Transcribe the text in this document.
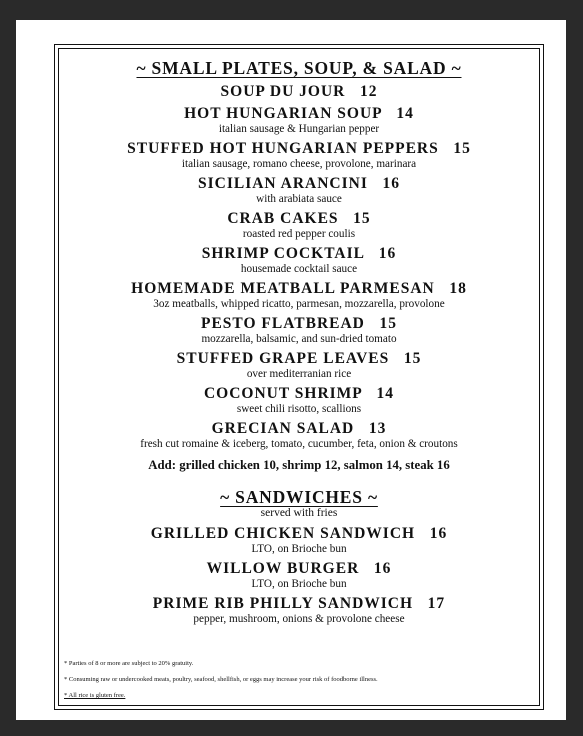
~ SMALL PLATES, SOUP, & SALAD ~
SOUP DU JOUR   12
HOT HUNGARIAN SOUP   14
italian sausage & Hungarian pepper
STUFFED HOT HUNGARIAN PEPPERS   15
italian sausage, romano cheese, provolone, marinara
SICILIAN ARANCINI   16
with arabiata sauce
CRAB CAKES   15
roasted red pepper coulis
SHRIMP COCKTAIL   16
housemade cocktail sauce
HOMEMADE MEATBALL PARMESAN   18
3oz meatballs, whipped ricatto, parmesan, mozzarella, provolone
PESTO FLATBREAD   15
mozzarella, balsamic, and sun-dried tomato
STUFFED GRAPE LEAVES   15
over mediterranian rice
COCONUT SHRIMP   14
sweet chili risotto, scallions
GRECIAN SALAD   13
fresh cut romaine & iceberg, tomato, cucumber, feta, onion & croutons
Add: grilled chicken 10, shrimp 12, salmon 14, steak 16
~ SANDWICHES ~
served with fries
GRILLED CHICKEN SANDWICH   16
LTO, on Brioche bun
WILLOW BURGER   16
LTO, on Brioche bun
PRIME RIB PHILLY SANDWICH   17
pepper, mushroom, onions & provolone cheese
* Parties of 8 or more are subject to 20% gratuity.
* Consuming raw or undercooked meats, poultry, seafood, shellfish, or eggs may increase your risk of foodborne illness.
* All rice is gluten free.
